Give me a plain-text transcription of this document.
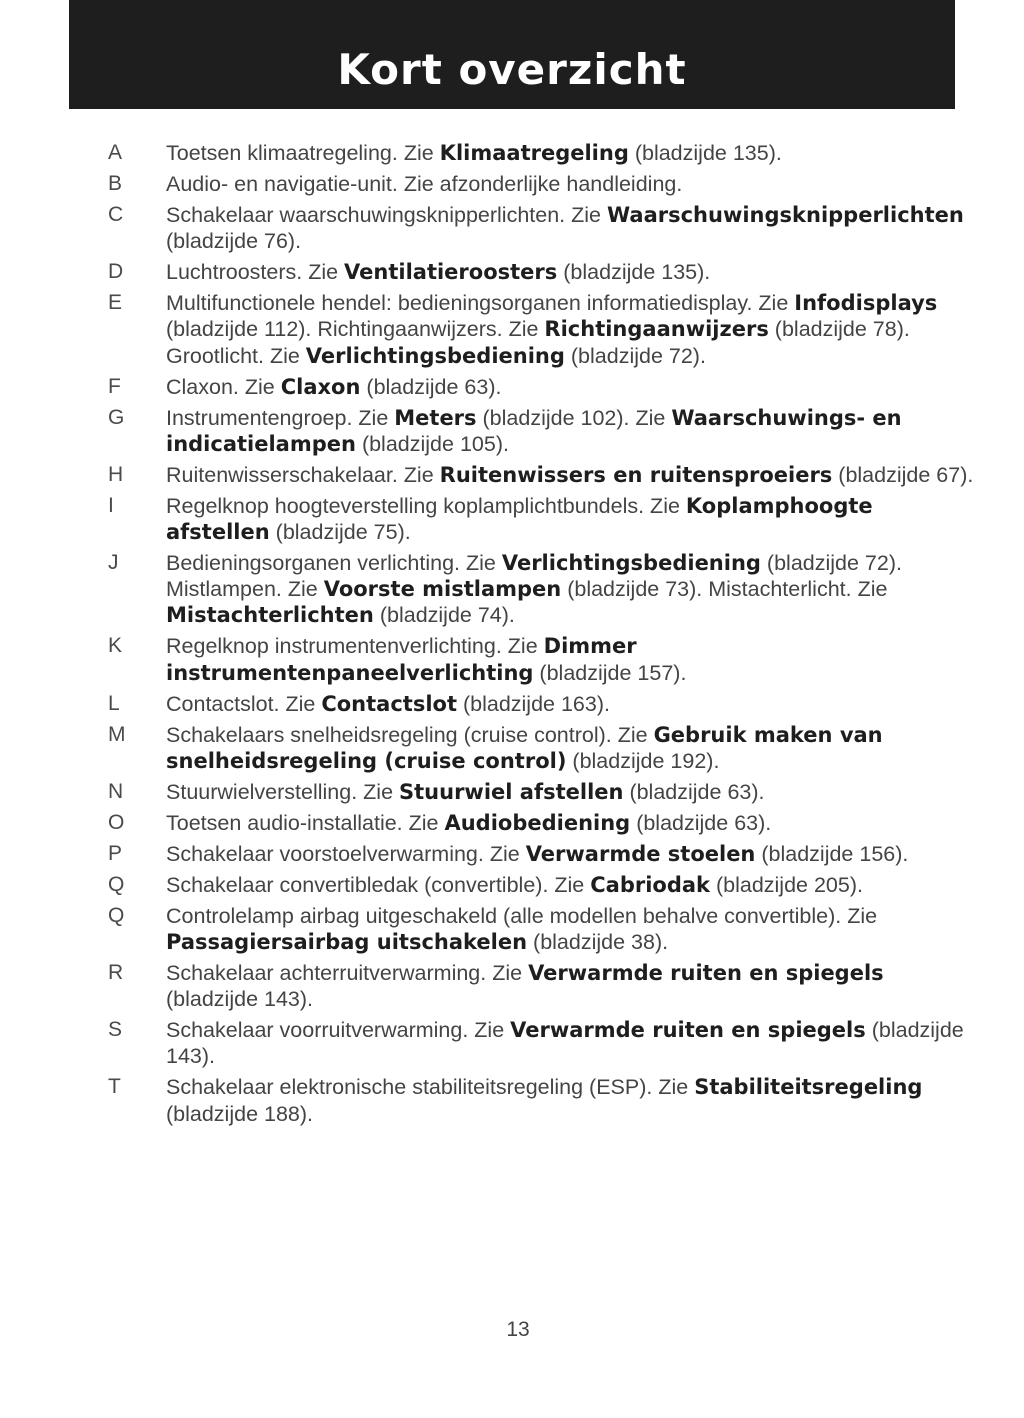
Kort overzicht
A	Toetsen klimaatregeling. Zie Klimaatregeling (bladzijde 135).
B	Audio- en navigatie-unit. Zie afzonderlijke handleiding.
C	Schakelaar waarschuwingsknipperlichten. Zie Waarschuwingsknipperlichten (bladzijde 76).
D	Luchtroosters. Zie Ventilatieroosters (bladzijde 135).
E	Multifunctionele hendel: bedieningsorganen informatiedisplay. Zie Infodisplays (bladzijde 112). Richtingaanwijzers. Zie Richtingaanwijzers (bladzijde 78). Grootlicht. Zie Verlichtingsbediening (bladzijde 72).
F	Claxon. Zie Claxon (bladzijde 63).
G	Instrumentengroep. Zie Meters (bladzijde 102). Zie Waarschuwings- en indicatielampen (bladzijde 105).
H	Ruitenwisserschakelaar. Zie Ruitenwissers en ruitensproeiers (bladzijde 67).
I	Regelknop hoogteverstelling koplamplichtbundels. Zie Koplamphoogte afstellen (bladzijde 75).
J	Bedieningsorganen verlichting. Zie Verlichtingsbediening (bladzijde 72). Mistlampen. Zie Voorste mistlampen (bladzijde 73). Mistachterlicht. Zie Mistachterlichten (bladzijde 74).
K	Regelknop instrumentenverlichting. Zie Dimmer instrumentenpaneelverlichting (bladzijde 157).
L	Contactslot. Zie Contactslot (bladzijde 163).
M	Schakelaars snelheidsregeling (cruise control). Zie Gebruik maken van snelheidsregeling (cruise control) (bladzijde 192).
N	Stuurwielverstelling. Zie Stuurwiel afstellen (bladzijde 63).
O	Toetsen audio-installatie. Zie Audiobediening (bladzijde 63).
P	Schakelaar voorstoelverwarming. Zie Verwarmde stoelen (bladzijde 156).
Q	Schakelaar convertibledak (convertible). Zie Cabriodak (bladzijde 205).
Q	Controlelamp airbag uitgeschakeld (alle modellen behalve convertible). Zie Passagiersairbag uitschakelen (bladzijde 38).
R	Schakelaar achterruitverwarming. Zie Verwarmde ruiten en spiegels (bladzijde 143).
S	Schakelaar voorruitverwarming. Zie Verwarmde ruiten en spiegels (bladzijde 143).
T	Schakelaar elektronische stabiliteitsregeling (ESP). Zie Stabiliteitsregeling (bladzijde 188).
13
